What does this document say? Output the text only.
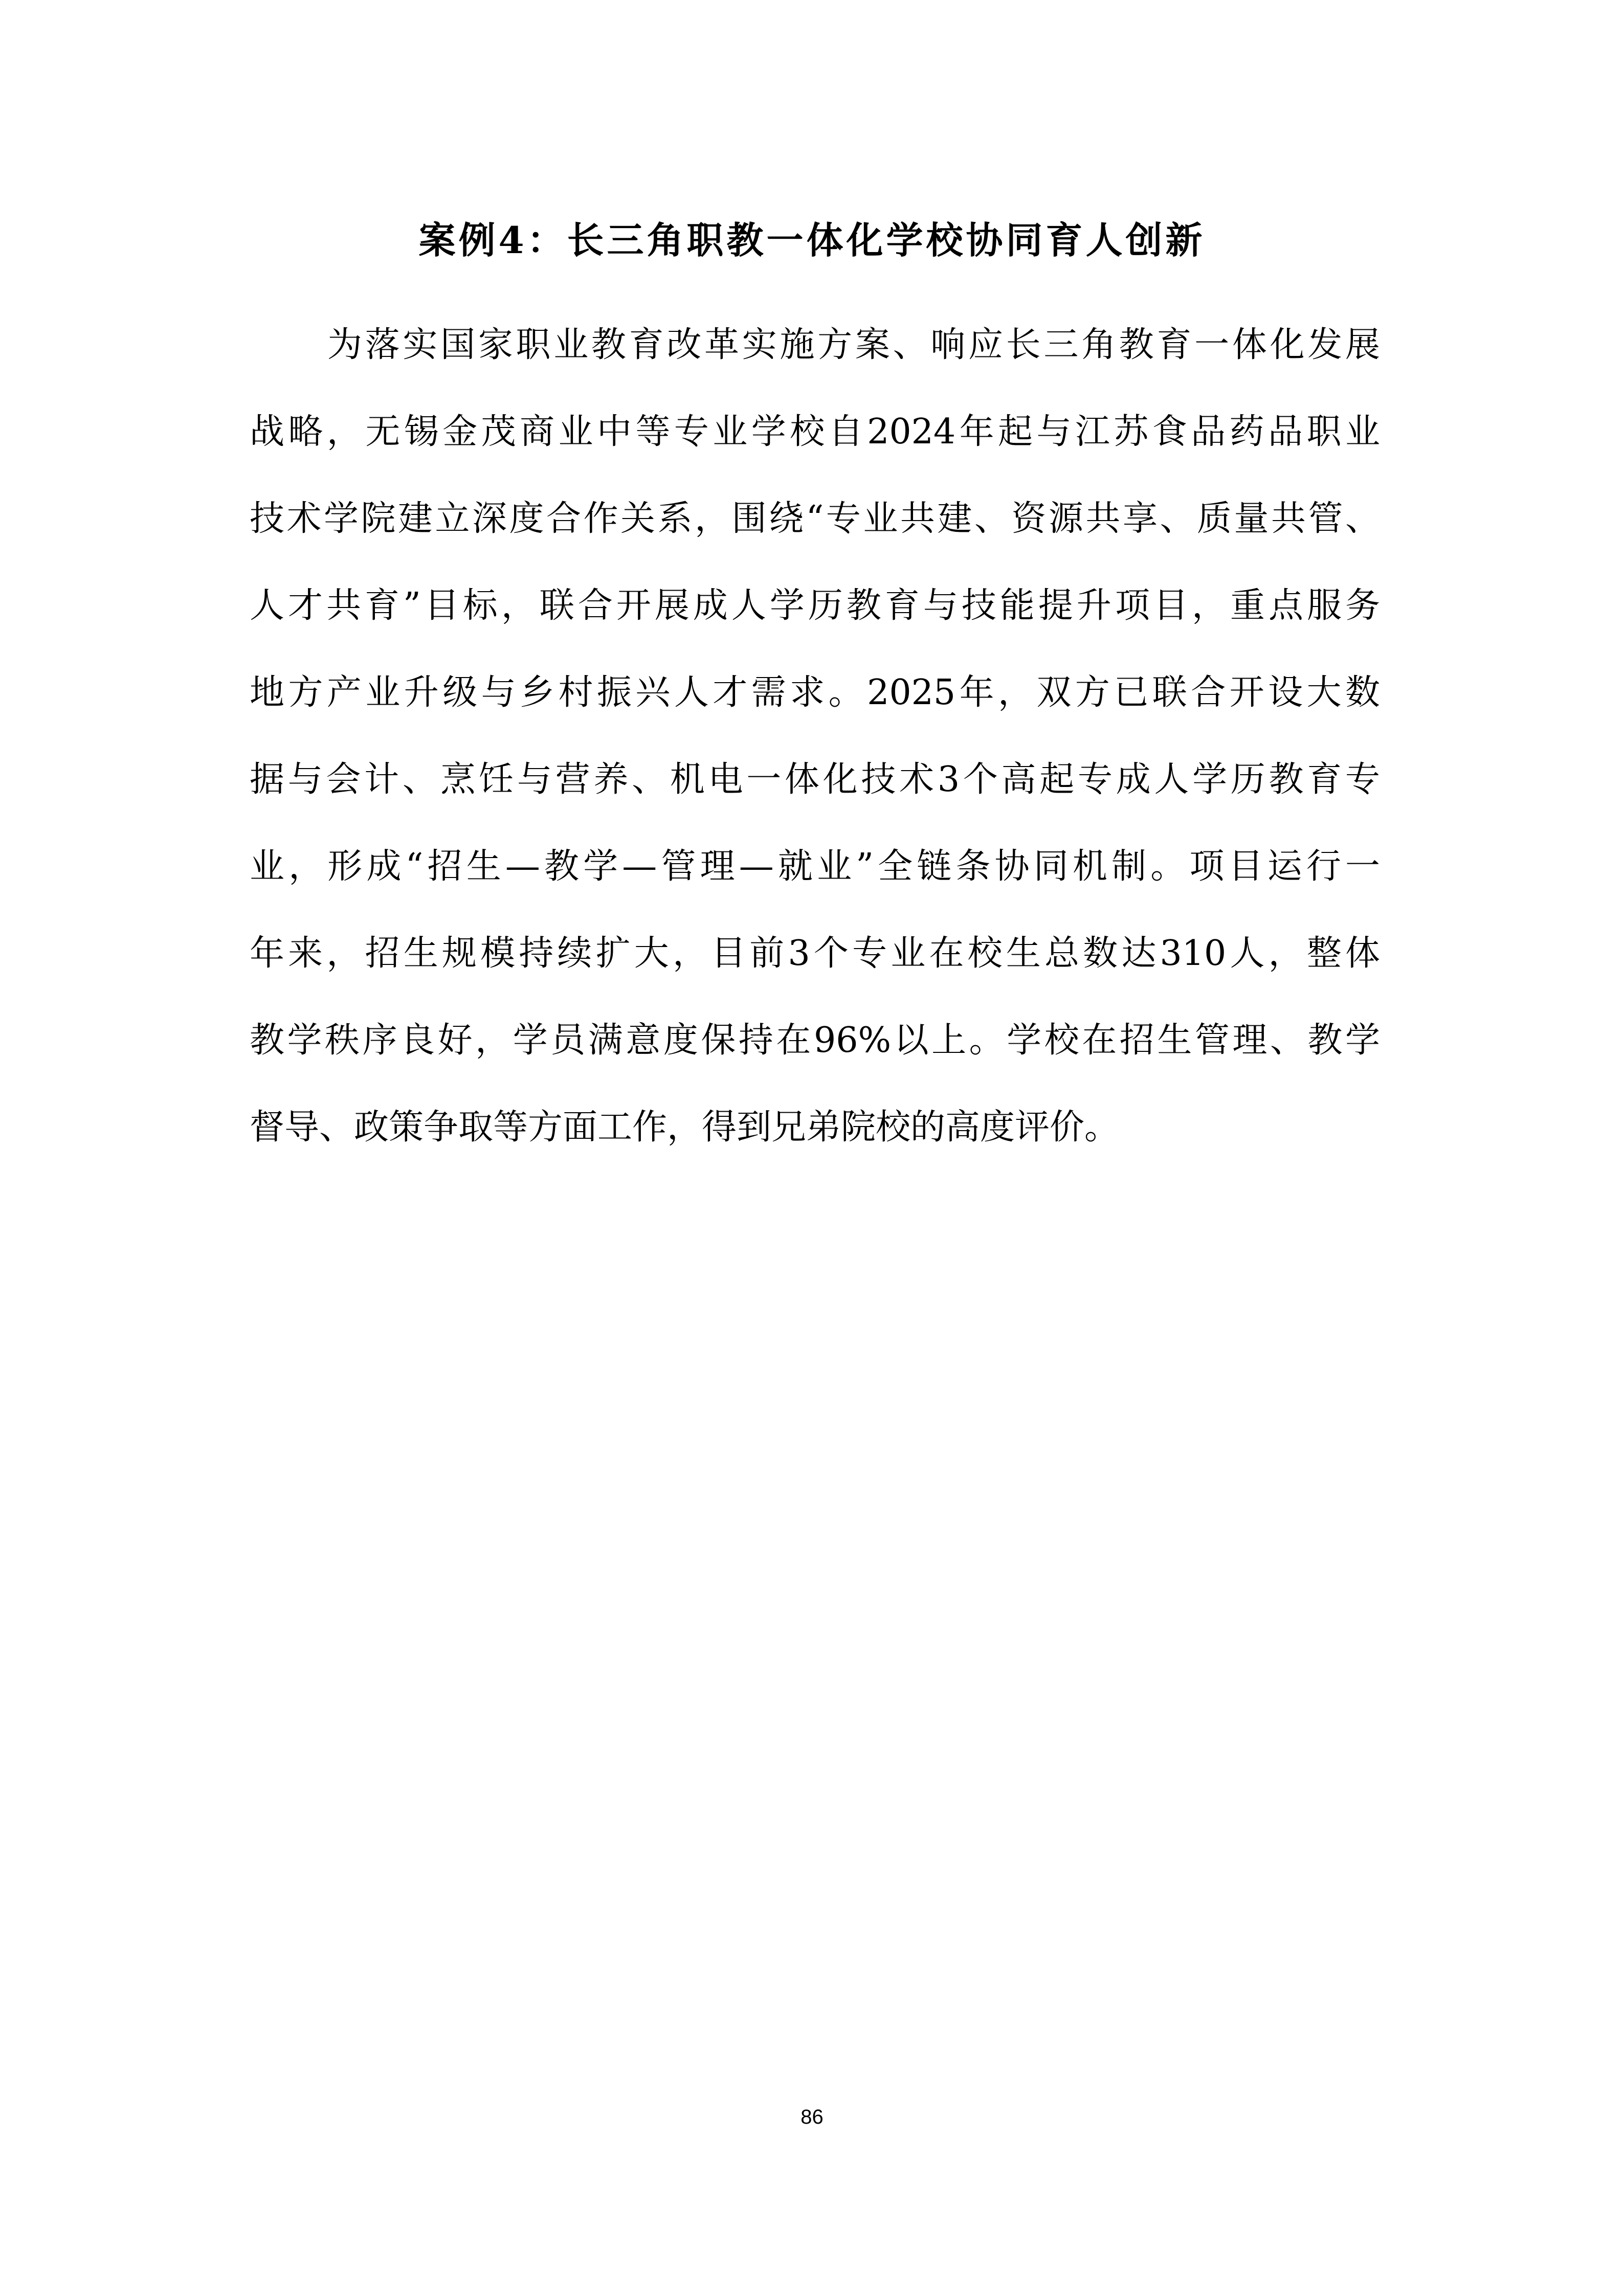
案例4：长三角职教一体化学校协同育人创新
为落实国家职业教育改革实施方案、响应长三角教育一体化发展
战略，无锡金茂商业中等专业学校自2024年起与江苏食品药品职业
技术学院建立深度合作关系，围绕“专业共建、资源共享、质量共管、
人才共育”目标，联合开展成人学历教育与技能提升项目，重点服务
地方产业升级与乡村振兴人才需求。2025年，双方已联合开设大数
据与会计、烹饪与营养、机电一体化技术3个高起专成人学历教育专
业，形成“招生—教学—管理—就业”全链条协同机制。项目运行一
年来，招生规模持续扩大，目前3个专业在校生总数达310人，整体
教学秩序良好，学员满意度保持在96%以上。学校在招生管理、教学
督导、政策争取等方面工作，得到兄弟院校的高度评价。
86
